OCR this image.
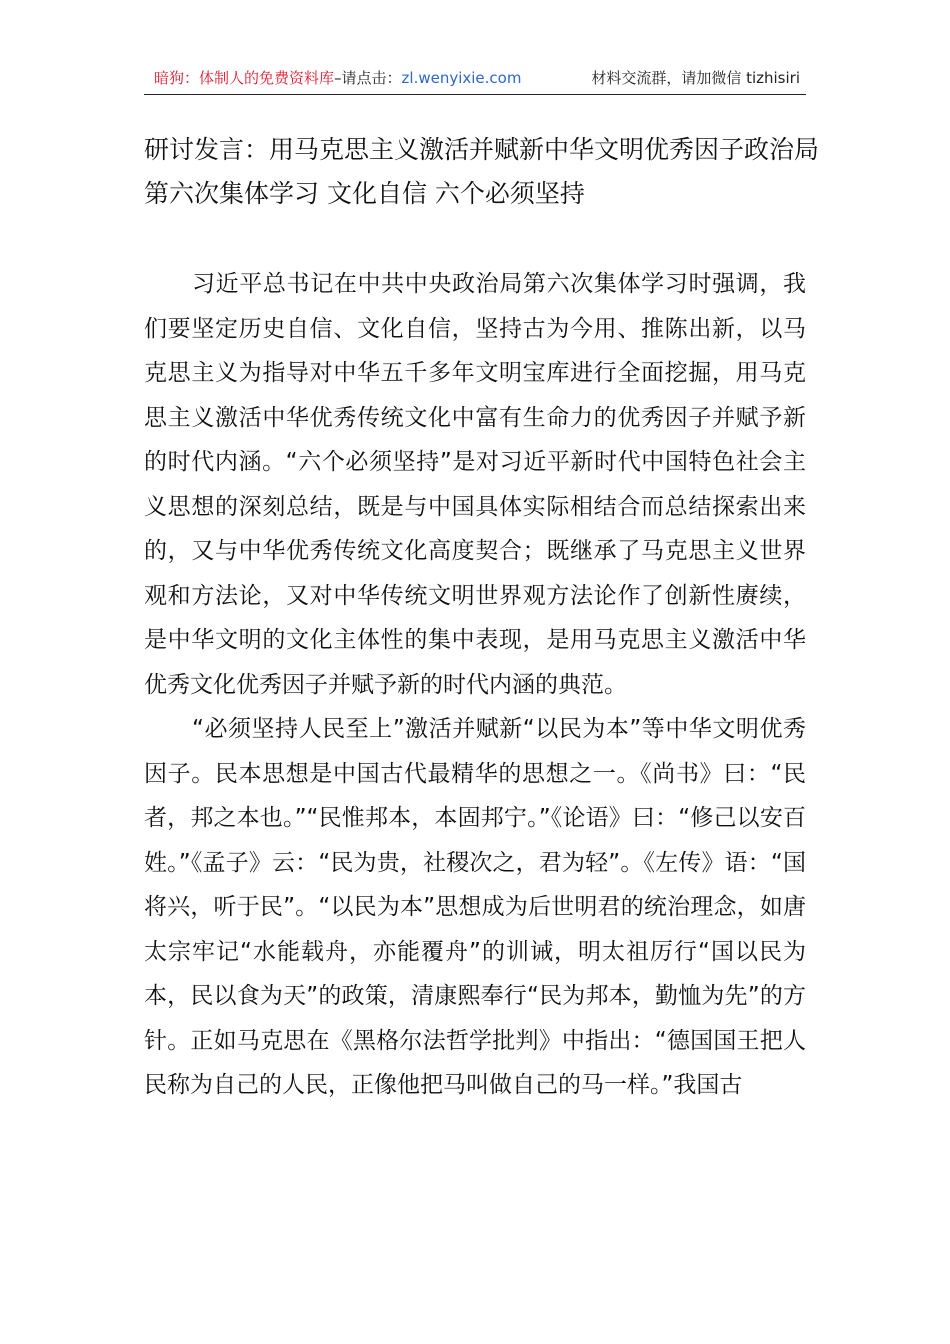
暗狗：体制人的免费资料库–请点击：zl.wenyixie.com	材料交流群，请加微信 tizhisiri
研讨发言：用马克思主义激活并赋新中华文明优秀因子政治局
第六次集体学习 文化自信 六个必须坚持

习近平总书记在中共中央政治局第六次集体学习时强调，我们要坚定历史自信、文化自信，坚持古为今用、推陈出新，以马克思主义为指导对中华五千多年文明宝库进行全面挖掘，用马克思主义激活中华优秀传统文化中富有生命力的优秀因子并赋予新的时代内涵。“六个必须坚持”是对习近平新时代中国特色社会主义思想的深刻总结，既是与中国具体实际相结合而总结探索出来的，又与中华优秀传统文化高度契合；既继承了马克思主义世界观和方法论，又对中华传统文明世界观方法论作了创新性赓续，是中华文明的文化主体性的集中表现，是用马克思主义激活中华优秀文化优秀因子并赋予新的时代内涵的典范。

“必须坚持人民至上”激活并赋新“以民为本”等中华文明优秀因子。民本思想是中国古代最精华的思想之一。《尚书》曰：“民者，邦之本也。”“民惟邦本，本固邦宁。”《论语》曰：“修己以安百姓。”《孟子》云：“民为贵，社稷次之，君为轻”。《左传》语：“国将兴，听于民”。“以民为本”思想成为后世明君的统治理念，如唐太宗牢记“水能载舟，亦能覆舟”的训诫，明太祖厉行“国以民为本，民以食为天”的政策，清康熙奉行“民为邦本，勤恤为先”的方针。正如马克思在《黑格尔法哲学批判》中指出：“德国国王把人民称为自己的人民，正像他把马叫做自己的马一样。”我国古
